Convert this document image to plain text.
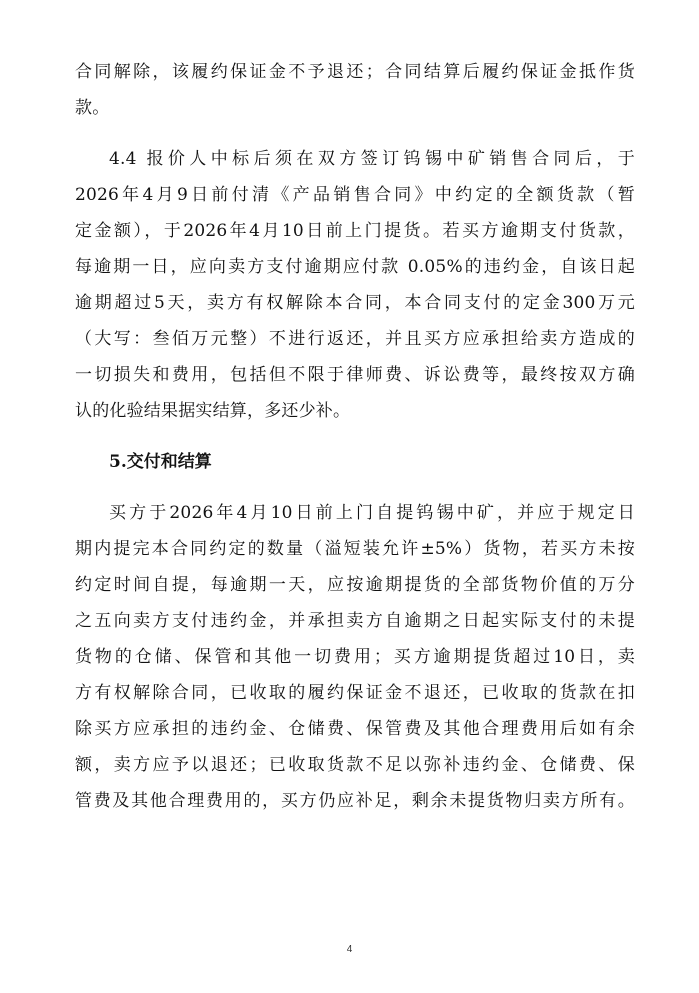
合同解除，该履约保证金不予退还；合同结算后履约保证金抵作货
款。
4.4 报价人中标后须在双方签订钨锡中矿销售合同后，于
2026年4月9日前付清《产品销售合同》中约定的全额货款（暂
定金额），于2026年4月10日前上门提货。若买方逾期支付货款，
每逾期一日，应向卖方支付逾期应付款 0.05%的违约金，自该日起
逾期超过5天，卖方有权解除本合同，本合同支付的定金300万元
（大写：叁佰万元整）不进行返还，并且买方应承担给卖方造成的
一切损失和费用，包括但不限于律师费、诉讼费等，最终按双方确
认的化验结果据实结算，多还少补。
5.交付和结算
买方于2026年4月10日前上门自提钨锡中矿，并应于规定日
期内提完本合同约定的数量（溢短装允许±5%）货物，若买方未按
约定时间自提，每逾期一天，应按逾期提货的全部货物价值的万分
之五向卖方支付违约金，并承担卖方自逾期之日起实际支付的未提
货物的仓储、保管和其他一切费用；买方逾期提货超过10日，卖
方有权解除合同，已收取的履约保证金不退还，已收取的货款在扣
除买方应承担的违约金、仓储费、保管费及其他合理费用后如有余
额，卖方应予以退还；已收取货款不足以弥补违约金、仓储费、保
管费及其他合理费用的，买方仍应补足，剩余未提货物归卖方所有。
4
